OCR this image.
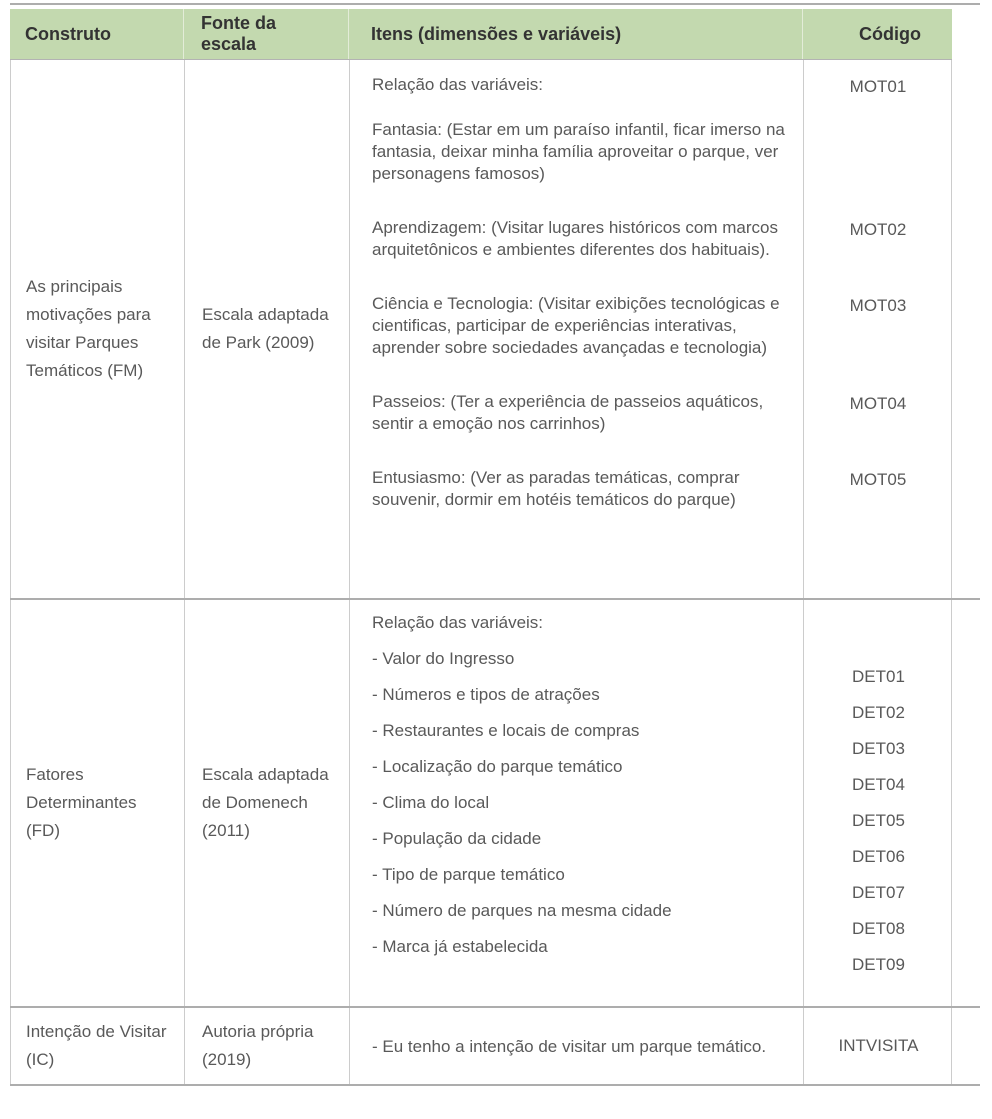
Construto
Fonte da escala
Itens (dimensões e variáveis)	Código
As principais motivações para visitar Parques Temáticos (FM)
Escala adaptada de Park (2009)

Relação das variáveis:

Fantasia: (Estar em um paraíso infantil, ficar imerso na fantasia, deixar minha família aproveitar o parque, ver personagens famosos)

MOT01

Aprendizagem: (Visitar lugares históricos com marcos arquitetônicos e ambientes diferentes dos habituais).

MOT02

Ciência e Tecnologia: (Visitar exibições tecnológicas e cientificas, participar de experiências interativas, aprender sobre sociedades avançadas e tecnologia)

MOT03

Passeios: (Ter a experiência de passeios aquáticos, sentir a emoção nos carrinhos)

MOT04

Entusiasmo: (Ver as paradas temáticas, comprar souvenir, dormir em hotéis temáticos do parque)

MOT05
Fatores Determinantes (FD)
Escala adaptada de Domenech (2011)
Relação das variáveis:
- Valor do Ingresso
- Números e tipos de atrações
- Restaurantes e locais de compras
- Localização do parque temático
- Clima do local
- População da cidade
- Tipo de parque temático
- Número de parques na mesma cidade
- Marca já estabelecida
DET01
DET02
DET03
DET04
DET05
DET06
DET07
DET08
DET09
Intenção de Visitar (IC)
Autoria própria (2019)
- Eu tenho a intenção de visitar um parque temático.	INTVISITA
